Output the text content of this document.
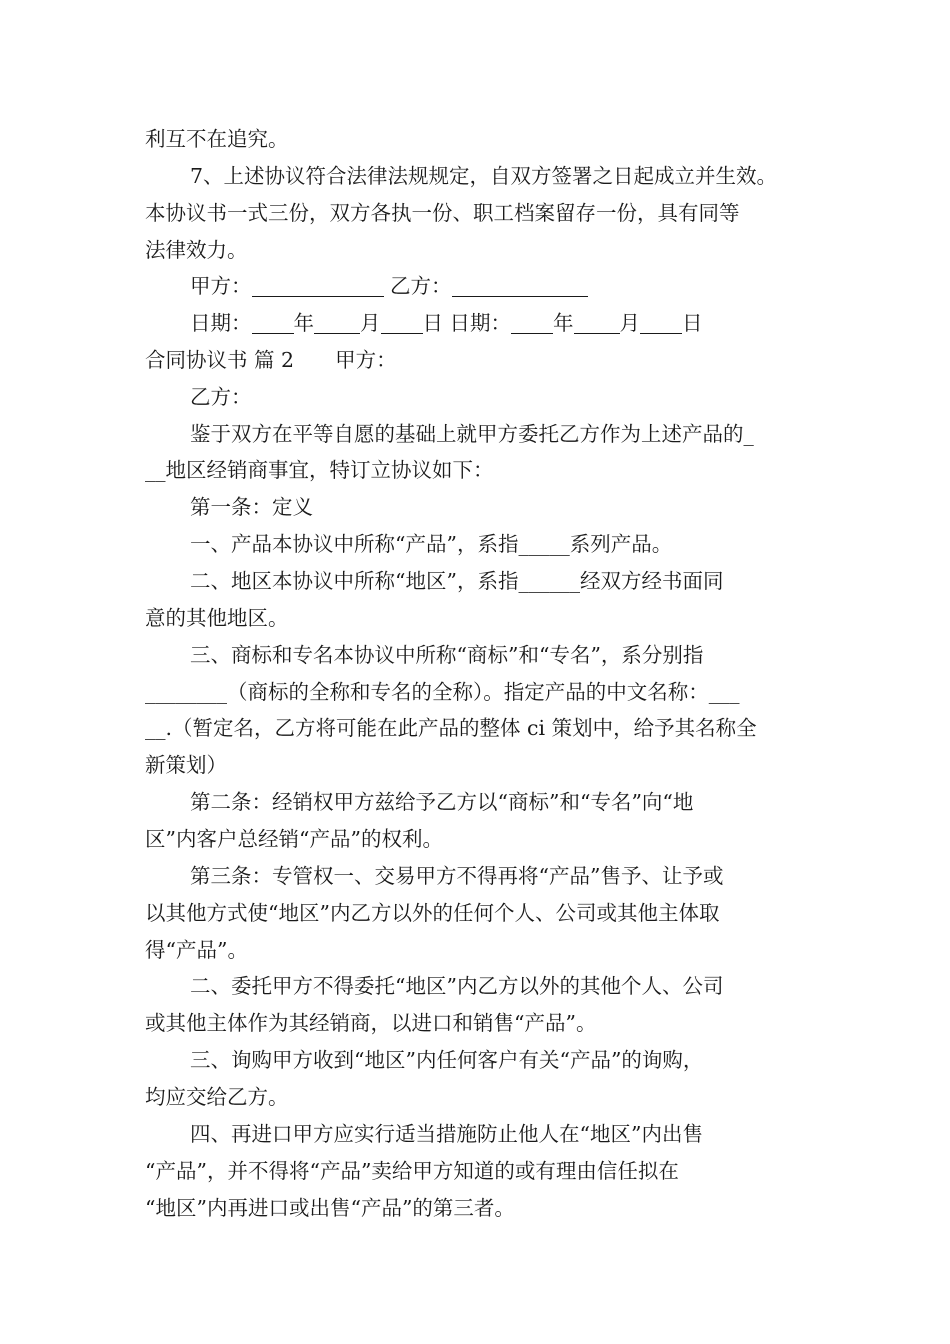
利互不在追究。
7、上述协议符合法律法规规定，自双方签署之日起成立并生效。
本协议书一式三份，双方各执一份、职工档案留存一份，具有同等
法律效力。
甲方：	乙方：
日期： 年 月 日 日期： 年 月 日
合同协议书 篇 2　　甲方：
乙方：
鉴于双方在平等自愿的基础上就甲方委托乙方作为上述产品的_
__地区经销商事宜，特订立协议如下：
第一条：定义
一、产品本协议中所称“产品”，系指_____系列产品。
二、地区本协议中所称“地区”，系指______经双方经书面同
意的其他地区。
三、商标和专名本协议中所称“商标”和“专名”，系分别指
________（商标的全称和专名的全称）。指定产品的中文名称：___
__.（暂定名，乙方将可能在此产品的整体 ci 策划中，给予其名称全
新策划）
第二条：经销权甲方兹给予乙方以“商标”和“专名”向“地
区”内客户总经销“产品”的权利。
第三条：专管权一、交易甲方不得再将“产品”售予、让予或
以其他方式使“地区”内乙方以外的任何个人、公司或其他主体取
得“产品”。
二、委托甲方不得委托“地区”内乙方以外的其他个人、公司
或其他主体作为其经销商，以进口和销售“产品”。
三、询购甲方收到“地区”内任何客户有关“产品”的询购，
均应交给乙方。
四、再进口甲方应实行适当措施防止他人在“地区”内出售
“产品”，并不得将“产品”卖给甲方知道的或有理由信任拟在
“地区”内再进口或出售“产品”的第三者。
